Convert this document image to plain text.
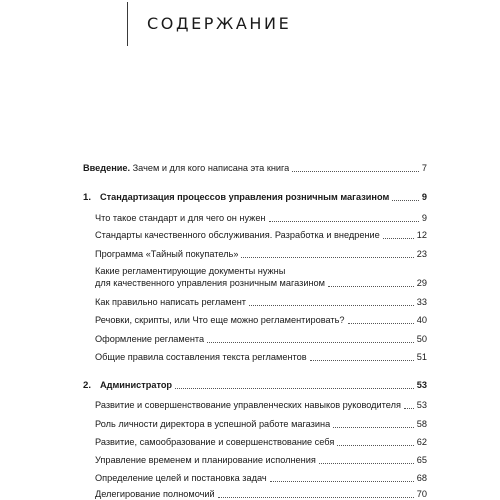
СОДЕРЖАНИЕ
Введение. Зачем и для кого написана эта книга	7
1. Стандартизация процессов управления розничным магазином	9
Что такое стандарт и для чего он нужен	9
Стандарты качественного обслуживания. Разработка и внедрение	12
Программа «Тайный покупатель»	23
Какие регламентирующие документы нужны
для качественного управления розничным магазином	29
Как правильно написать регламент	33
Речовки, скрипты, или Что еще можно регламентировать?	40
Оформление регламента	50
Общие правила составления текста регламентов	51
2. Администратор	53
Развитие и совершенствование управленческих навыков руководителя 53
Роль личности директора в успешной работе магазина	58
Развитие, самообразование и совершенствование себя	62
Управление временем и планирование исполнения	65
Определение целей и постановка задач	68
Делегирование полномочий	70
